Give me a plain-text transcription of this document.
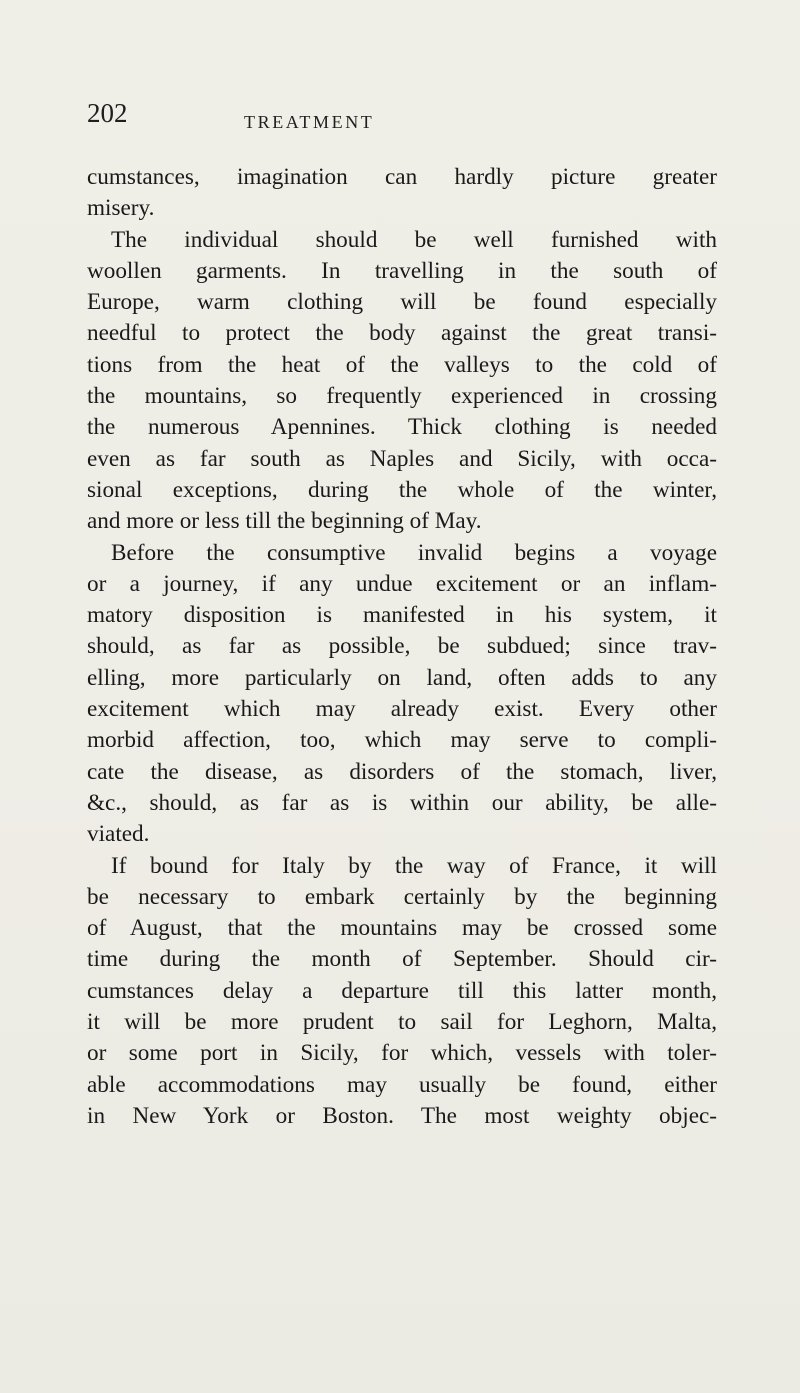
202	TREATMENT
cumstances, imagination can hardly picture greater
misery.
The individual should be well furnished with
woollen garments. In travelling in the south of
Europe, warm clothing will be found especially
needful to protect the body against the great transi-
tions from the heat of the valleys to the cold of
the mountains, so frequently experienced in crossing
the numerous Apennines. Thick clothing is needed
even as far south as Naples and Sicily, with occa-
sional exceptions, during the whole of the winter,
and more or less till the beginning of May.
Before the consumptive invalid begins a voyage
or a journey, if any undue excitement or an inflam-
matory disposition is manifested in his system, it
should, as far as possible, be subdued; since trav-
elling, more particularly on land, often adds to any
excitement which may already exist. Every other
morbid affection, too, which may serve to compli-
cate the disease, as disorders of the stomach, liver,
&c., should, as far as is within our ability, be alle-
viated.
If bound for Italy by the way of France, it will
be necessary to embark certainly by the beginning
of August, that the mountains may be crossed some
time during the month of September. Should cir-
cumstances delay a departure till this latter month,
it will be more prudent to sail for Leghorn, Malta,
or some port in Sicily, for which, vessels with toler-
able accommodations may usually be found, either
in New York or Boston. The most weighty objec-
